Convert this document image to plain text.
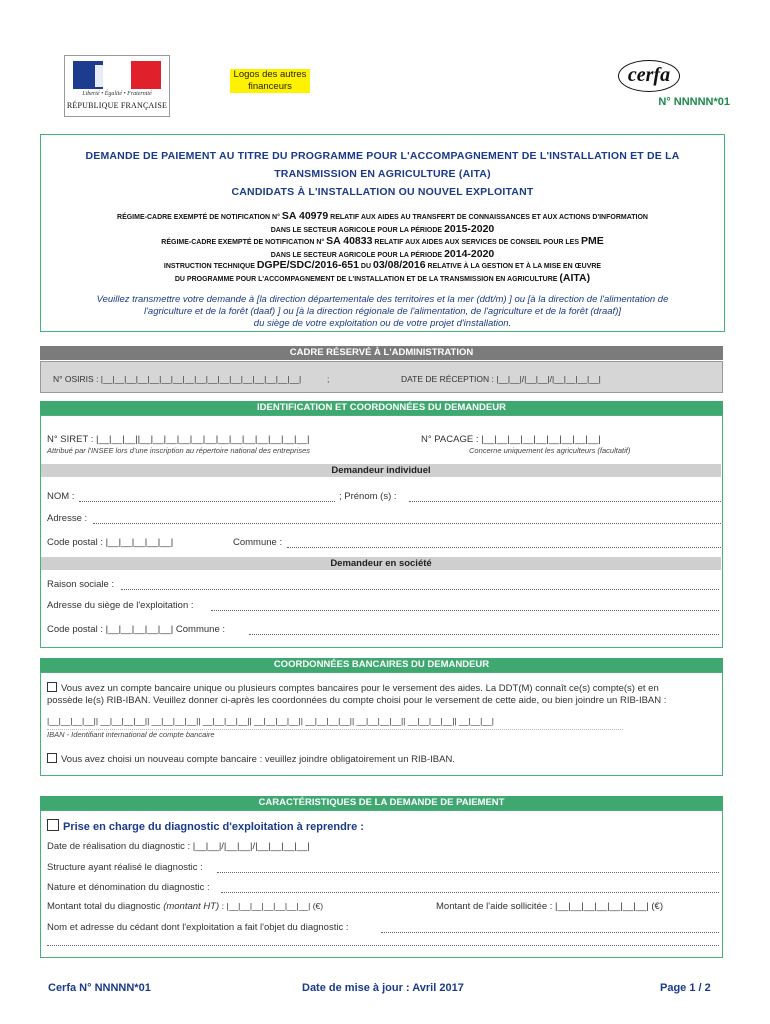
Liberté • Égalité • Fraternité
RÉPUBLIQUE FRANÇAISE
Logos des autres
financeurs
cerfa
N° NNNNN*01
DEMANDE DE PAIEMENT AU TITRE DU PROGRAMME POUR L'ACCOMPAGNEMENT DE L'INSTALLATION ET DE LA
TRANSMISSION EN AGRICULTURE (AITA)
CANDIDATS À L'INSTALLATION OU NOUVEL EXPLOITANT
RÉGIME-CADRE EXEMPTÉ DE NOTIFICATION N° SA 40979 RELATIF AUX AIDES AU TRANSFERT DE CONNAISSANCES ET AUX ACTIONS D'INFORMATION
DANS LE SECTEUR AGRICOLE POUR LA PÉRIODE 2015-2020
RÉGIME-CADRE EXEMPTÉ DE NOTIFICATION N° SA 40833 RELATIF AUX AIDES AUX SERVICES DE CONSEIL POUR LES PME
DANS LE SECTEUR AGRICOLE POUR LA PÉRIODE 2014-2020
INSTRUCTION TECHNIQUE DGPE/SDC/2016-651 DU 03/08/2016 RELATIVE À LA GESTION ET À LA MISE EN ŒUVRE
DU PROGRAMME POUR L'ACCOMPAGNEMENT DE L'INSTALLATION ET DE LA TRANSMISSION EN AGRICULTURE (AITA)
Veuillez transmettre votre demande à [la direction départementale des territoires et la mer (ddt/m) ] ou [à la direction de l'alimentation de
l'agriculture et de la forêt (daaf) ] ou [à la direction régionale de l'alimentation, de l'agriculture et de la forêt (draaf)]
du siège de votre exploitation ou de votre projet d'installation.
CADRE RÉSERVÉ À L'ADMINISTRATION
N° OSIRIS : |__|__|__|__|__|__|__|__|__|__|__|__|__|__|__|__|__|	;	DATE DE RÉCEPTION : |__|__|/|__|__|/|__|__|__|__|
IDENTIFICATION ET COORDONNÉES DU DEMANDEUR
N° SIRET : |__|__|__||__|__|__|__|__|__|__|__|__|__|__|__|__|
Attribué par l'INSEE lors d'une inscription au répertoire national des entreprises
N° PACAGE : |__|__|__|__|__|__|__|__|__|
Concerne uniquement les agriculteurs (facultatif)
Demandeur individuel
NOM :	; Prénom (s) :
Adresse :
Code postal : |__|__|__|__|__|	Commune :
Demandeur en société
Raison sociale :
Adresse du siège de l'exploitation :
Code postal : |__|__|__|__|__| Commune :
COORDONNÉES BANCAIRES DU DEMANDEUR
Vous avez un compte bancaire unique ou plusieurs comptes bancaires pour le versement des aides. La DDT(M) connaît ce(s) compte(s) et en
possède le(s) RIB-IBAN. Veuillez donner ci-après les coordonnées du compte choisi pour le versement de cette aide, ou bien joindre un RIB-IBAN :
|__|__|__|__|| __|__|__|__|| __|__|__|__|| __|__|__|__|| __|__|__|__|| __|__|__|__|| __|__|__|__|| __|__|__|__|| __|__|__|
IBAN - Identifiant international de compte bancaire
Vous avez choisi un nouveau compte bancaire : veuillez joindre obligatoirement un RIB-IBAN.
CARACTÉRISTIQUES DE LA DEMANDE DE PAIEMENT
Prise en charge du diagnostic d'exploitation à reprendre :
Date de réalisation du diagnostic : |__|__|/|__|__|/|__|__|__|__|
Structure ayant réalisé le diagnostic :
Nature et dénomination du diagnostic :
Montant total du diagnostic (montant HT) : |__|__|__|__|__|__|__| (€)	Montant de l'aide sollicitée : |__|__|__|__|__|__|__| (€)
Nom et adresse du cédant dont l'exploitation a fait l'objet du diagnostic :
Cerfa N° NNNNN*01	Date de mise à jour : Avril 2017	Page 1 / 2
